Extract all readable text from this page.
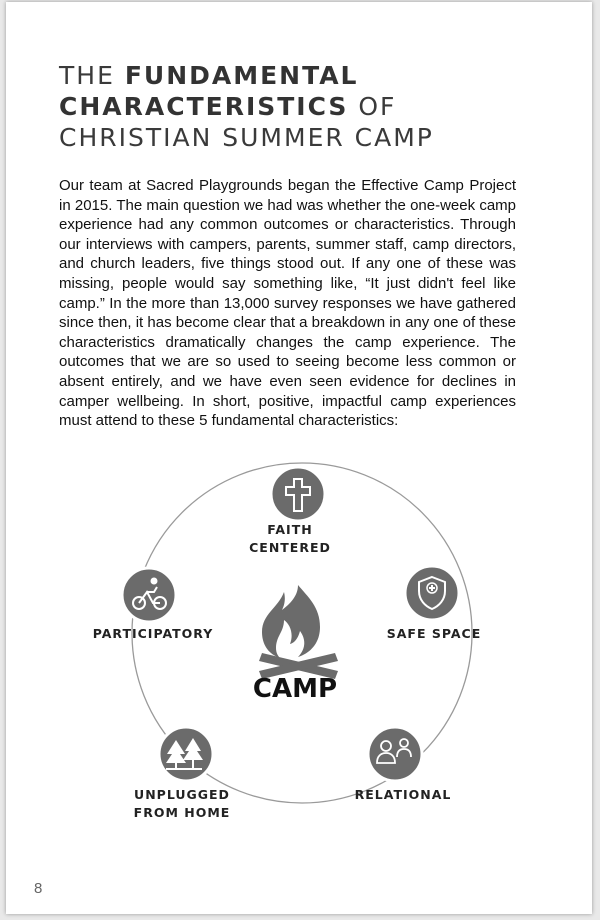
THE FUNDAMENTAL
CHARACTERISTICS OF
CHRISTIAN SUMMER CAMP

Our team at Sacred Playgrounds began the Effective Camp Project in 2015. The main question we had was whether the one-week camp experience had any common outcomes or characteristics. Through our interviews with campers, parents, summer staff, camp directors, and church leaders, five things stood out. If any one of these was missing, people would say something like, “It just didn't feel like camp.” In the more than 13,000 survey responses we have gathered since then, it has become clear that a breakdown in any one of these characteristics dramatically changes the camp experience. The outcomes that we are so used to seeing become less common or absent entirely, and we have even seen evidence for declines in camper wellbeing. In short, positive, impactful camp experiences must attend to these 5 fundamental characteristics:

FAITH
CENTERED
SAFE SPACE
RELATIONAL
UNPLUGGED
FROM HOME
PARTICIPATORY
CAMP
8
